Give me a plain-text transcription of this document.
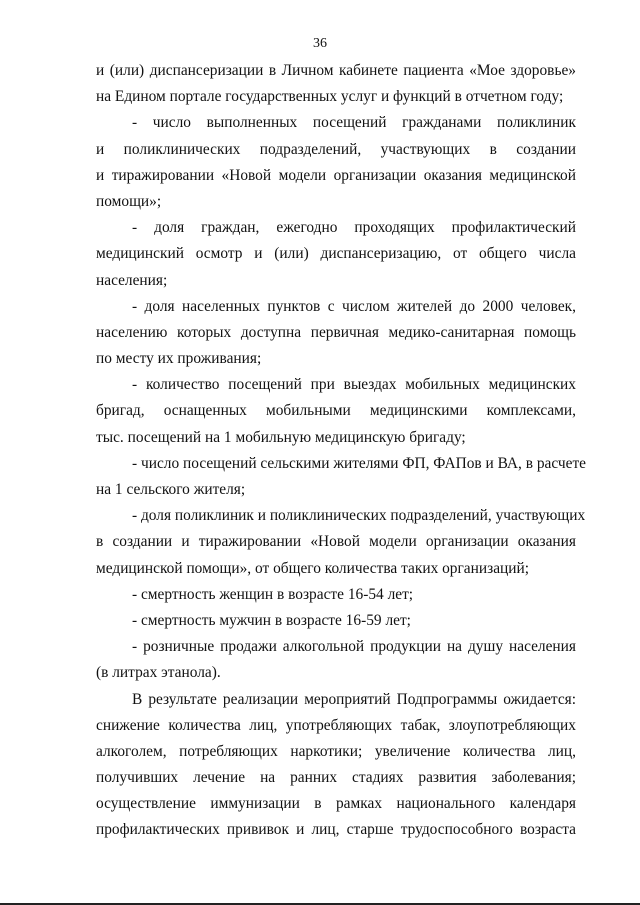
36
и (или) диспансеризации в Личном кабинете пациента «Мое здоровье»
на Едином портале государственных услуг и функций в отчетном году;
- число выполненных посещений гражданами поликлиник
и поликлинических подразделений, участвующих в создании
и тиражировании «Новой модели организации оказания медицинской
помощи»;
- доля граждан, ежегодно проходящих профилактический
медицинский осмотр и (или) диспансеризацию, от общего числа
населения;
- доля населенных пунктов с числом жителей до 2000 человек,
населению которых доступна первичная медико-санитарная помощь
по месту их проживания;
- количество посещений при выездах мобильных медицинских
бригад, оснащенных мобильными медицинскими комплексами,
тыс. посещений на 1 мобильную медицинскую бригаду;
- число посещений сельскими жителями ФП, ФАПов и ВА, в расчете
на 1 сельского жителя;
- доля поликлиник и поликлинических подразделений, участвующих
в создании и тиражировании «Новой модели организации оказания
медицинской помощи», от общего количества таких организаций;
- смертность женщин в возрасте 16-54 лет;
- смертность мужчин в возрасте 16-59 лет;
- розничные продажи алкогольной продукции на душу населения
(в литрах этанола).
В результате реализации мероприятий Подпрограммы ожидается:
снижение количества лиц, употребляющих табак, злоупотребляющих
алкоголем, потребляющих наркотики; увеличение количества лиц,
получивших лечение на ранних стадиях развития заболевания;
осуществление иммунизации в рамках национального календаря
профилактических прививок и лиц, старше трудоспособного возраста
